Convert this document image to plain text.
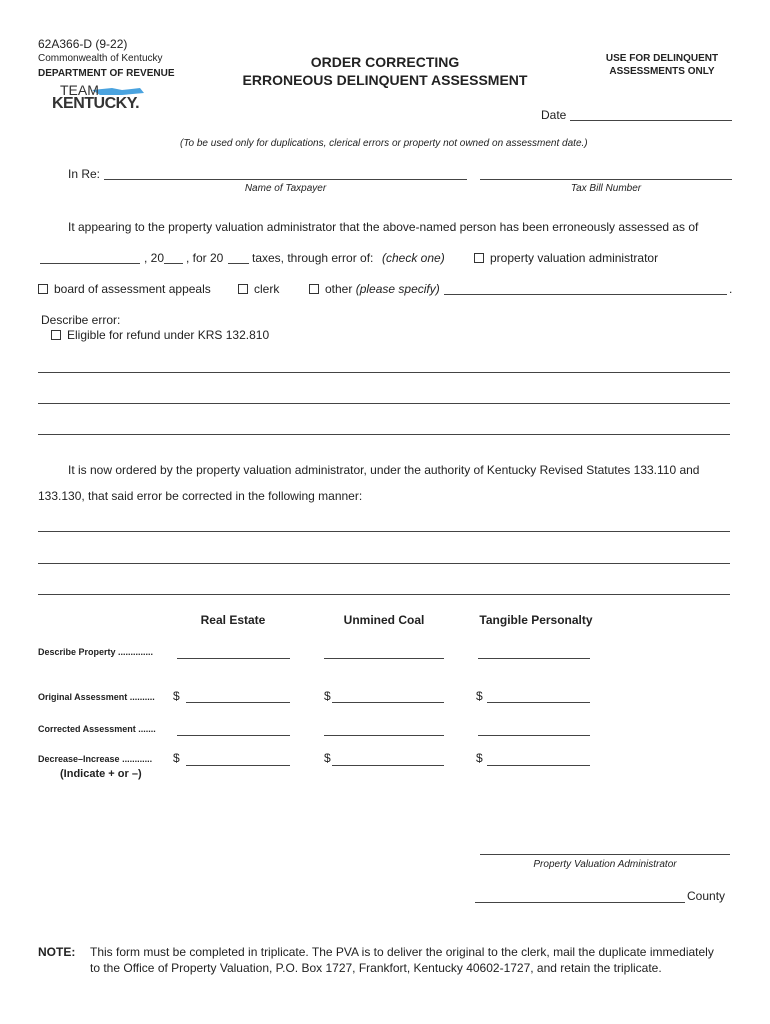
62A366-D (9-22)
Commonwealth of Kentucky
DEPARTMENT OF REVENUE
TEAM
KENTUCKY.
ORDER CORRECTING
ERRONEOUS DELINQUENT ASSESSMENT
USE FOR DELINQUENT
ASSESSMENTS ONLY
Date
(To be used only for duplications, clerical errors or property not owned on assessment date.)
In Re:
Name of Taxpayer	Tax Bill Number
It appearing to the property valuation administrator that the above-named person has been erroneously assessed as of
, 20 , for 20 taxes, through error of: (check one)	property valuation administrator
board of assessment appeals	clerk	other (please specify)	.
Describe error:
Eligible for refund under KRS 132.810
It is now ordered by the property valuation administrator, under the authority of Kentucky Revised Statutes 133.110 and
133.130, that said error be corrected in the following manner:
Real Estate	Unmined Coal	Tangible Personalty
Describe Property ..............
Original Assessment .......... $	$	$
Corrected Assessment .......
Decrease–Increase ............
(Indicate + or –)
$	$	$
Property Valuation Administrator
County
NOTE: This form must be completed in triplicate. The PVA is to deliver the original to the clerk, mail the duplicate immediately
to the Office of Property Valuation, P.O. Box 1727, Frankfort, Kentucky 40602-1727, and retain the triplicate.
